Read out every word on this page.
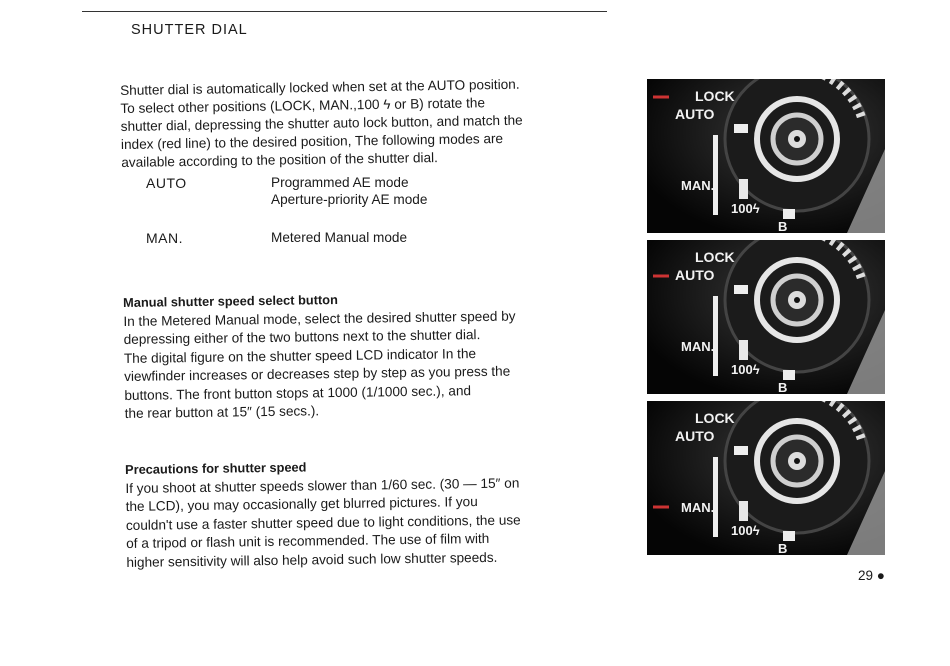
SHUTTER DIAL
Shutter dial is automatically locked when set at the AUTO position.
To select other positions (LOCK, MAN.,100 ϟ or B) rotate the
shutter dial, depressing the shutter auto lock button, and match the
index (red line) to the desired position, The following modes are
available according to the position of the shutter dial.
AUTO	Programmed AE mode
Aperture-priority AE mode
MAN.	Metered Manual mode
Manual shutter speed select button
In the Metered Manual mode, select the desired shutter speed by
depressing either of the two buttons next to the shutter dial.
The digital figure on the shutter speed LCD indicator In the
viewfinder increases or decreases step by step as you press the
buttons. The front button stops at 1000 (1/1000 sec.), and
the rear button at 15″ (15 secs.).
Precautions for shutter speed
If you shoot at shutter speeds slower than 1/60 sec. (30 — 15″ on
the LCD), you may occasionally get blurred pictures. If you
couldn't use a faster shutter speed due to light conditions, the use
of a tripod or flash unit is recommended. The use of film with
higher sensitivity will also help avoid such low shutter speeds.
LOCK
AUTO
MAN.
100ϟ
B
LOCK
AUTO
MAN.
100ϟ
B
LOCK
AUTO
MAN.
100ϟ
B
29 ●
